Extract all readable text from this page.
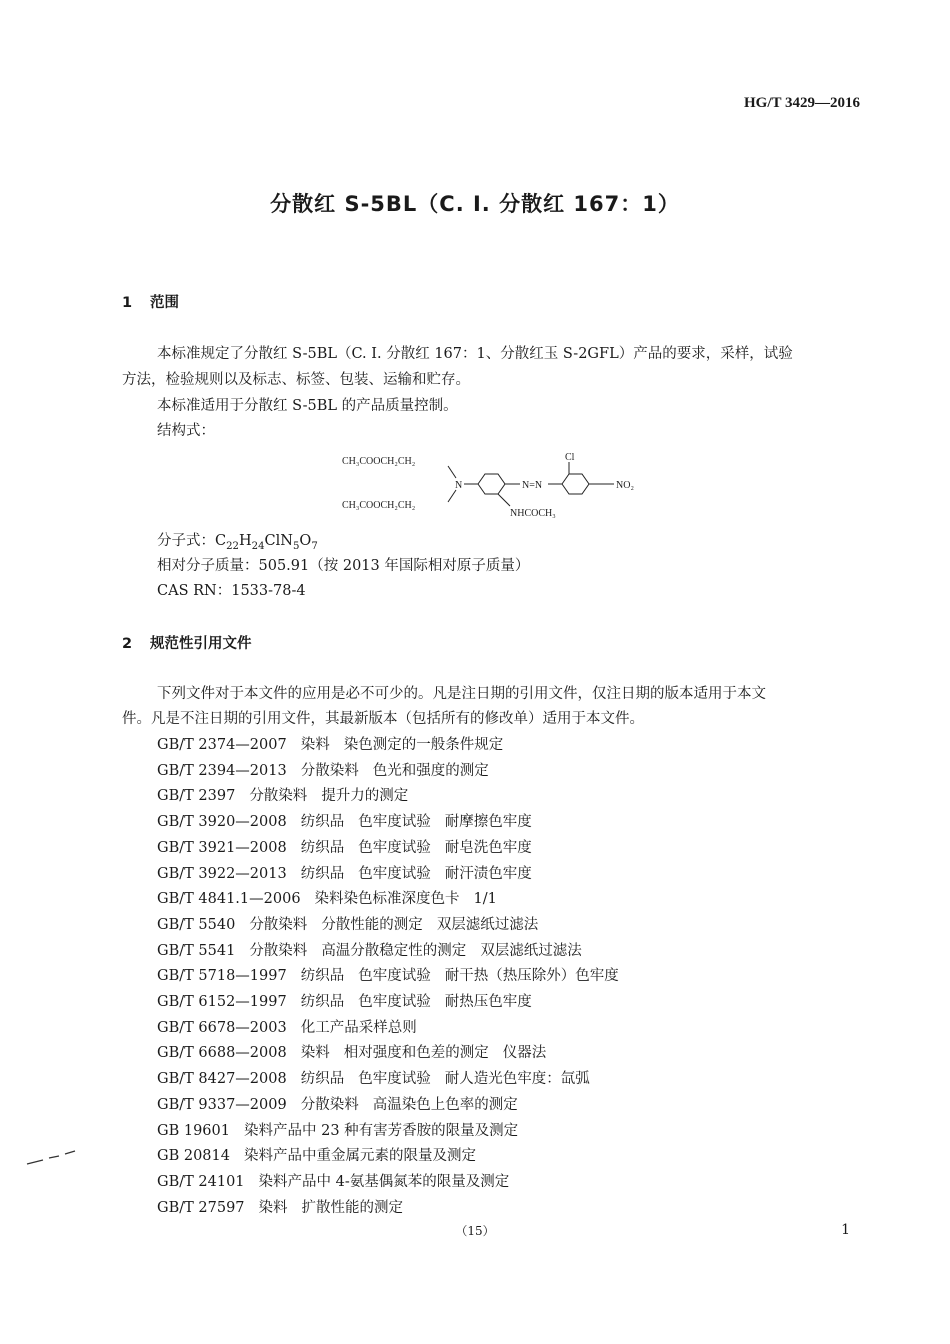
HG/T 3429—2016
分散红 S-5BL（C. I. 分散红 167：1）
1 范围
本标准规定了分散红 S-5BL（C. I. 分散红 167：1、分散红玉 S-2GFL）产品的要求，采样，试验
方法，检验规则以及标志、标签、包装、运输和贮存。
本标准适用于分散红 S-5BL 的产品质量控制。
结构式：
CH₃COOCH₂CH₂
CH₃COOCH₂CH₂
N	N=N
Cl
NO₂
NHCOCH₃
分子式：$C_{22}H_{24}ClN_5O_7$
相对分子质量：505.91（按 2013 年国际相对原子质量）
CAS RN：1533-78-4
2 规范性引用文件
下列文件对于本文件的应用是必不可少的。凡是注日期的引用文件，仅注日期的版本适用于本文
件。凡是不注日期的引用文件，其最新版本（包括所有的修改单）适用于本文件。
GB/T 2374—2007 染料 染色测定的一般条件规定
GB/T 2394—2013 分散染料 色光和强度的测定
GB/T 2397 分散染料 提升力的测定
GB/T 3920—2008 纺织品 色牢度试验 耐摩擦色牢度
GB/T 3921—2008 纺织品 色牢度试验 耐皂洗色牢度
GB/T 3922—2013 纺织品 色牢度试验 耐汗渍色牢度
GB/T 4841.1—2006 染料染色标准深度色卡 1/1
GB/T 5540 分散染料 分散性能的测定 双层滤纸过滤法
GB/T 5541 分散染料 高温分散稳定性的测定 双层滤纸过滤法
GB/T 5718—1997 纺织品 色牢度试验 耐干热（热压除外）色牢度
GB/T 6152—1997 纺织品 色牢度试验 耐热压色牢度
GB/T 6678—2003 化工产品采样总则
GB/T 6688—2008 染料 相对强度和色差的测定 仪器法
GB/T 8427—2008 纺织品 色牢度试验 耐人造光色牢度：氙弧
GB/T 9337—2009 分散染料 高温染色上色率的测定
GB 19601 染料产品中 23 种有害芳香胺的限量及测定
GB 20814 染料产品中重金属元素的限量及测定
GB/T 24101 染料产品中 4-氨基偶氮苯的限量及测定
GB/T 27597 染料 扩散性能的测定
（15）	1
